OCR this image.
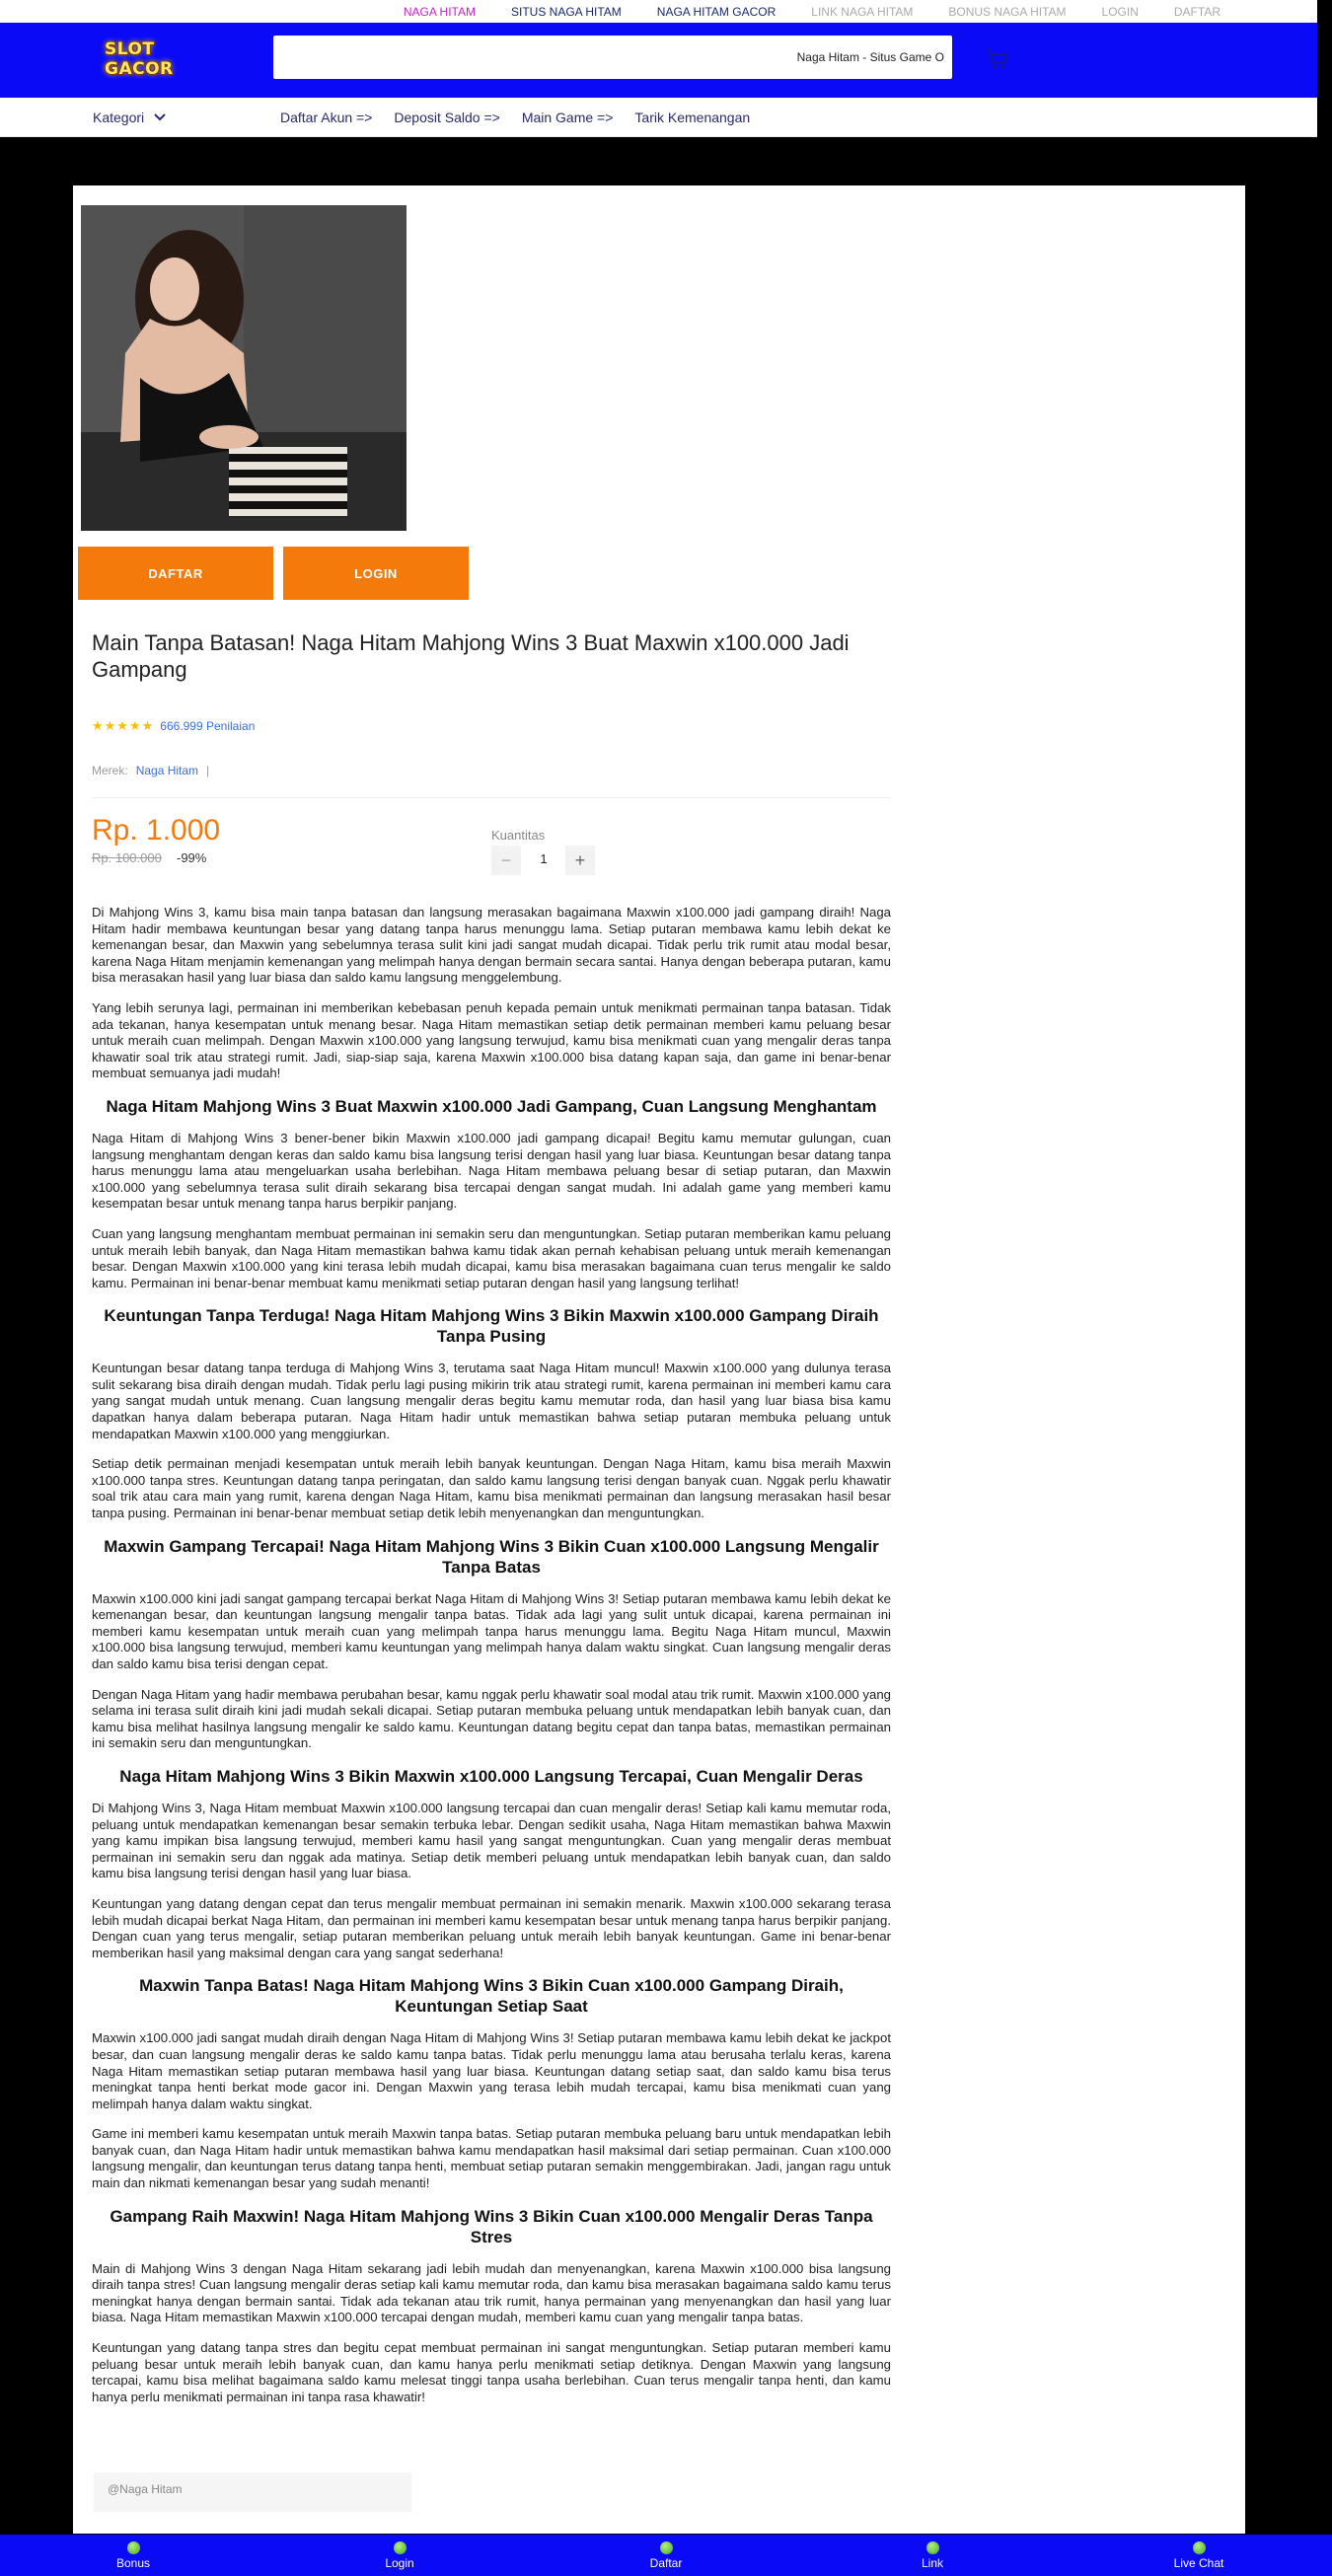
NAGA HITAM	SITUS NAGA HITAM	NAGA HITAM GACOR	LINK NAGA HITAM	BONUS NAGA HITAM	LOGIN	DAFTAR
SLOT GACOR
Naga Hitam - Situs Game O
Kategori	Daftar Akun => Deposit Saldo => Main Game => Tarik Kemenangan
DAFTAR	LOGIN
Main Tanpa Batasan! Naga Hitam Mahjong Wins 3 Buat Maxwin x100.000 Jadi Gampang
★★★★★ 666.999 Penilaian
Merek: Naga Hitam |
Rp. 1.000
Rp. 100.000 -99%
Kuantitas
−	1	+

Di Mahjong Wins 3, kamu bisa main tanpa batasan dan langsung merasakan bagaimana Maxwin x100.000 jadi gampang diraih! Naga Hitam hadir membawa keuntungan besar yang datang tanpa harus menunggu lama. Setiap putaran membawa kamu lebih dekat ke kemenangan besar, dan Maxwin yang sebelumnya terasa sulit kini jadi sangat mudah dicapai. Tidak perlu trik rumit atau modal besar, karena Naga Hitam menjamin kemenangan yang melimpah hanya dengan bermain secara santai. Hanya dengan beberapa putaran, kamu bisa merasakan hasil yang luar biasa dan saldo kamu langsung menggelembung.

Yang lebih serunya lagi, permainan ini memberikan kebebasan penuh kepada pemain untuk menikmati permainan tanpa batasan. Tidak ada tekanan, hanya kesempatan untuk menang besar. Naga Hitam memastikan setiap detik permainan memberi kamu peluang besar untuk meraih cuan melimpah. Dengan Maxwin x100.000 yang langsung terwujud, kamu bisa menikmati cuan yang mengalir deras tanpa khawatir soal trik atau strategi rumit. Jadi, siap-siap saja, karena Maxwin x100.000 bisa datang kapan saja, dan game ini benar-benar membuat semuanya jadi mudah!

Naga Hitam Mahjong Wins 3 Buat Maxwin x100.000 Jadi Gampang, Cuan Langsung Menghantam

Naga Hitam di Mahjong Wins 3 bener-bener bikin Maxwin x100.000 jadi gampang dicapai! Begitu kamu memutar gulungan, cuan langsung menghantam dengan keras dan saldo kamu bisa langsung terisi dengan hasil yang luar biasa. Keuntungan besar datang tanpa harus menunggu lama atau mengeluarkan usaha berlebihan. Naga Hitam membawa peluang besar di setiap putaran, dan Maxwin x100.000 yang sebelumnya terasa sulit diraih sekarang bisa tercapai dengan sangat mudah. Ini adalah game yang memberi kamu kesempatan besar untuk menang tanpa harus berpikir panjang.

Cuan yang langsung menghantam membuat permainan ini semakin seru dan menguntungkan. Setiap putaran memberikan kamu peluang untuk meraih lebih banyak, dan Naga Hitam memastikan bahwa kamu tidak akan pernah kehabisan peluang untuk meraih kemenangan besar. Dengan Maxwin x100.000 yang kini terasa lebih mudah dicapai, kamu bisa merasakan bagaimana cuan terus mengalir ke saldo kamu. Permainan ini benar-benar membuat kamu menikmati setiap putaran dengan hasil yang langsung terlihat!

Keuntungan Tanpa Terduga! Naga Hitam Mahjong Wins 3 Bikin Maxwin x100.000 Gampang Diraih Tanpa Pusing

Keuntungan besar datang tanpa terduga di Mahjong Wins 3, terutama saat Naga Hitam muncul! Maxwin x100.000 yang dulunya terasa sulit sekarang bisa diraih dengan mudah. Tidak perlu lagi pusing mikirin trik atau strategi rumit, karena permainan ini memberi kamu cara yang sangat mudah untuk menang. Cuan langsung mengalir deras begitu kamu memutar roda, dan hasil yang luar biasa bisa kamu dapatkan hanya dalam beberapa putaran. Naga Hitam hadir untuk memastikan bahwa setiap putaran membuka peluang untuk mendapatkan Maxwin x100.000 yang menggiurkan.

Setiap detik permainan menjadi kesempatan untuk meraih lebih banyak keuntungan. Dengan Naga Hitam, kamu bisa meraih Maxwin x100.000 tanpa stres. Keuntungan datang tanpa peringatan, dan saldo kamu langsung terisi dengan banyak cuan. Nggak perlu khawatir soal trik atau cara main yang rumit, karena dengan Naga Hitam, kamu bisa menikmati permainan dan langsung merasakan hasil besar tanpa pusing. Permainan ini benar-benar membuat setiap detik lebih menyenangkan dan menguntungkan.

Maxwin Gampang Tercapai! Naga Hitam Mahjong Wins 3 Bikin Cuan x100.000 Langsung Mengalir Tanpa Batas

Maxwin x100.000 kini jadi sangat gampang tercapai berkat Naga Hitam di Mahjong Wins 3! Setiap putaran membawa kamu lebih dekat ke kemenangan besar, dan keuntungan langsung mengalir tanpa batas. Tidak ada lagi yang sulit untuk dicapai, karena permainan ini memberi kamu kesempatan untuk meraih cuan yang melimpah tanpa harus menunggu lama. Begitu Naga Hitam muncul, Maxwin x100.000 bisa langsung terwujud, memberi kamu keuntungan yang melimpah hanya dalam waktu singkat. Cuan langsung mengalir deras dan saldo kamu bisa terisi dengan cepat.

Dengan Naga Hitam yang hadir membawa perubahan besar, kamu nggak perlu khawatir soal modal atau trik rumit. Maxwin x100.000 yang selama ini terasa sulit diraih kini jadi mudah sekali dicapai. Setiap putaran membuka peluang untuk mendapatkan lebih banyak cuan, dan kamu bisa melihat hasilnya langsung mengalir ke saldo kamu. Keuntungan datang begitu cepat dan tanpa batas, memastikan permainan ini semakin seru dan menguntungkan.

Naga Hitam Mahjong Wins 3 Bikin Maxwin x100.000 Langsung Tercapai, Cuan Mengalir Deras

Di Mahjong Wins 3, Naga Hitam membuat Maxwin x100.000 langsung tercapai dan cuan mengalir deras! Setiap kali kamu memutar roda, peluang untuk mendapatkan kemenangan besar semakin terbuka lebar. Dengan sedikit usaha, Naga Hitam memastikan bahwa Maxwin yang kamu impikan bisa langsung terwujud, memberi kamu hasil yang sangat menguntungkan. Cuan yang mengalir deras membuat permainan ini semakin seru dan nggak ada matinya. Setiap detik memberi peluang untuk mendapatkan lebih banyak cuan, dan saldo kamu bisa langsung terisi dengan hasil yang luar biasa.

Keuntungan yang datang dengan cepat dan terus mengalir membuat permainan ini semakin menarik. Maxwin x100.000 sekarang terasa lebih mudah dicapai berkat Naga Hitam, dan permainan ini memberi kamu kesempatan besar untuk menang tanpa harus berpikir panjang. Dengan cuan yang terus mengalir, setiap putaran memberikan peluang untuk meraih lebih banyak keuntungan. Game ini benar-benar memberikan hasil yang maksimal dengan cara yang sangat sederhana!

Maxwin Tanpa Batas! Naga Hitam Mahjong Wins 3 Bikin Cuan x100.000 Gampang Diraih, Keuntungan Setiap Saat

Maxwin x100.000 jadi sangat mudah diraih dengan Naga Hitam di Mahjong Wins 3! Setiap putaran membawa kamu lebih dekat ke jackpot besar, dan cuan langsung mengalir deras ke saldo kamu tanpa batas. Tidak perlu menunggu lama atau berusaha terlalu keras, karena Naga Hitam memastikan setiap putaran membawa hasil yang luar biasa. Keuntungan datang setiap saat, dan saldo kamu bisa terus meningkat tanpa henti berkat mode gacor ini. Dengan Maxwin yang terasa lebih mudah tercapai, kamu bisa menikmati cuan yang melimpah hanya dalam waktu singkat.

Game ini memberi kamu kesempatan untuk meraih Maxwin tanpa batas. Setiap putaran membuka peluang baru untuk mendapatkan lebih banyak cuan, dan Naga Hitam hadir untuk memastikan bahwa kamu mendapatkan hasil maksimal dari setiap permainan. Cuan x100.000 langsung mengalir, dan keuntungan terus datang tanpa henti, membuat setiap putaran semakin menggembirakan. Jadi, jangan ragu untuk main dan nikmati kemenangan besar yang sudah menanti!

Gampang Raih Maxwin! Naga Hitam Mahjong Wins 3 Bikin Cuan x100.000 Mengalir Deras Tanpa Stres

Main di Mahjong Wins 3 dengan Naga Hitam sekarang jadi lebih mudah dan menyenangkan, karena Maxwin x100.000 bisa langsung diraih tanpa stres! Cuan langsung mengalir deras setiap kali kamu memutar roda, dan kamu bisa merasakan bagaimana saldo kamu terus meningkat hanya dengan bermain santai. Tidak ada tekanan atau trik rumit, hanya permainan yang menyenangkan dan hasil yang luar biasa. Naga Hitam memastikan Maxwin x100.000 tercapai dengan mudah, memberi kamu cuan yang mengalir tanpa batas.

Keuntungan yang datang tanpa stres dan begitu cepat membuat permainan ini sangat menguntungkan. Setiap putaran memberi kamu peluang besar untuk meraih lebih banyak cuan, dan kamu hanya perlu menikmati setiap detiknya. Dengan Maxwin yang langsung tercapai, kamu bisa melihat bagaimana saldo kamu melesat tinggi tanpa usaha berlebihan. Cuan terus mengalir tanpa henti, dan kamu hanya perlu menikmati permainan ini tanpa rasa khawatir!

@Naga Hitam
Bonus	Login	Daftar	Link	Live Chat
